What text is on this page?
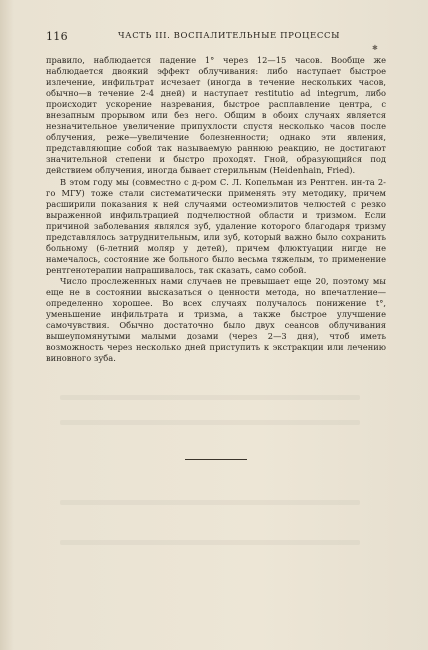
116	ЧАСТЬ III. ВОСПАЛИТЕЛЬНЫЕ ПРОЦЕССЫ
✱

правило, наблюдается падение 1° через 12—15 часов. Вообще же наблюдается двоякий эффект облучивания: либо наступает быстрое излечение, инфильтрат исчезает (иногда в течение нескольких часов, обычно—в течение 2-4 дней) и наступает restitutio ad integrum, либо происходит ускорение назревания, быстрое расплавление центра, с внезапным прорывом или без него. Общим в обоих случаях является незначительное увеличение припухлости спустя несколько часов после облучения, реже—увеличение болезненности; однако эти явления, представляющие собой так называемую раннюю реакцию, не достигают значительной степени и быстро проходят. Гной, образующийся под действием облучения, иногда бывает стерильным (Heidenhain, Fried).

В этом году мы (совместно с д-ром С. Л. Копельман из Рентген. ин-та 2-го МГУ) тоже стали систематически применять эту методику, причем расширили показания к ней случаями остеомиэлитов челюстей с резко выраженной инфильтрацией подчелюстной области и тризмом. Если причиной заболевания являлся зуб, удаление которого благодаря тризму представлялось затруднительным, или зуб, который важно было сохранить больному (6-летний моляр у детей), причем флюктуации нигде не намечалось, состояние же больного было весьма тяжелым, то применение рентгенотерапии напрашивалось, так сказать, само собой.

Число прослеженных нами случаев не превышает еще 20, поэтому мы еще не в состоянии высказаться о ценности метода, но впечатление—определенно хорошее. Во всех случаях получалось понижение t°, уменьшение инфильтрата и тризма, а также быстрое улучшение самочувствия. Обычно достаточно было двух сеансов облучивания вышеупомянутыми малыми дозами (через 2—3 дня), чтоб иметь возможность через несколько дней приступить к экстракции или лечению виновного зуба.
